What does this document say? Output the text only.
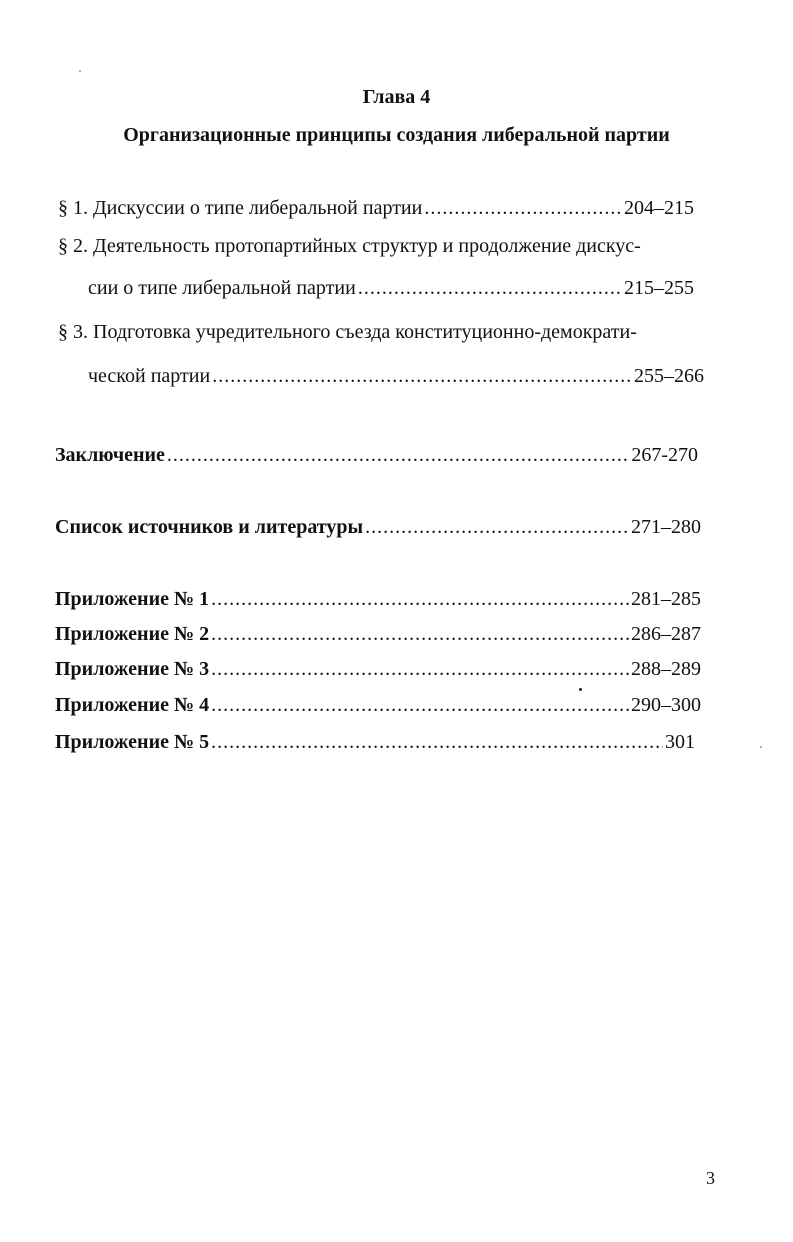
Глава 4
Организационные принципы создания либеральной партии
§ 1. Дискуссии о типе либеральной партии .....	204–215
§ 2. Деятельность протопартийных структур и продолжение дискус-
сии о типе либеральной партии .....	215–255
§ 3. Подготовка учредительного съезда конституционно-демократи-
ческой партии .....	255–266
Заключение .....	267-270
Список источников и литературы .....	271–280
Приложение № 1 .....	281–285
Приложение № 2 .....	286–287
Приложение № 3 .....	288–289
Приложение № 4 .....	290–300
Приложение № 5 .....	301
3
